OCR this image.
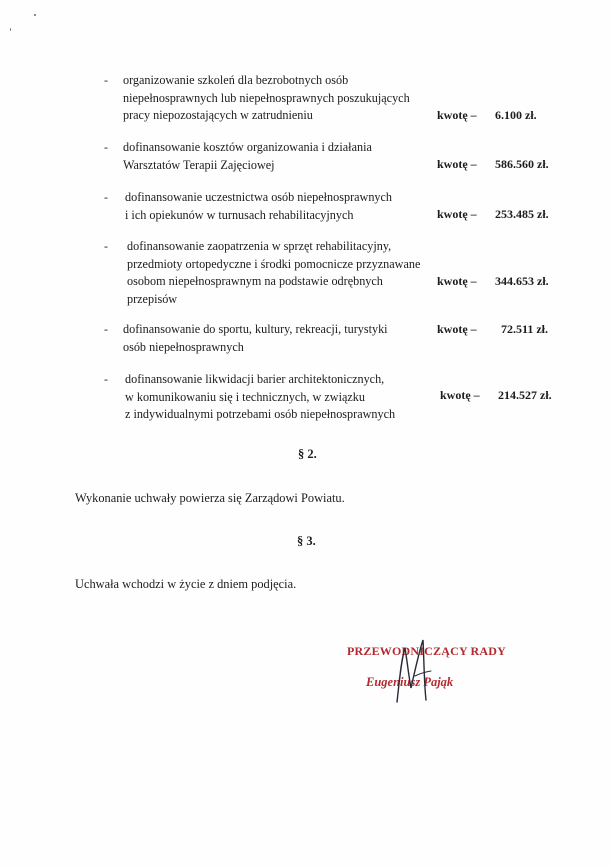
- organizowanie szkoleń dla bezrobotnych osób
niepełnosprawnych lub niepełnosprawnych poszukujących
pracy niepozostających w zatrudnieniu	kwotę – 6.100 zł.
- dofinansowanie kosztów organizowania i działania
Warsztatów Terapii Zajęciowej	kwotę – 586.560 zł.
- dofinansowanie uczestnictwa osób niepełnosprawnych
i ich opiekunów w turnusach rehabilitacyjnych	kwotę – 253.485 zł.
- dofinansowanie zaopatrzenia w sprzęt rehabilitacyjny,
przedmioty ortopedyczne i środki pomocnicze przyznawane
osobom niepełnosprawnym na podstawie odrębnych
przepisów
kwotę – 344.653 zł.
- dofinansowanie do sportu, kultury, rekreacji, turystyki
osób niepełnosprawnych
kwotę – 72.511 zł.
- dofinansowanie likwidacji barier architektonicznych,
w komunikowaniu się i technicznych, w związku
z indywidualnymi potrzebami osób niepełnosprawnych
kwotę – 214.527 zł.
§ 2.
Wykonanie uchwały powierza się Zarządowi Powiatu.
§ 3.
Uchwała wchodzi w życie z dniem podjęcia.
PRZEWODNICZĄCY RADY
Eugeniusz Pająk
